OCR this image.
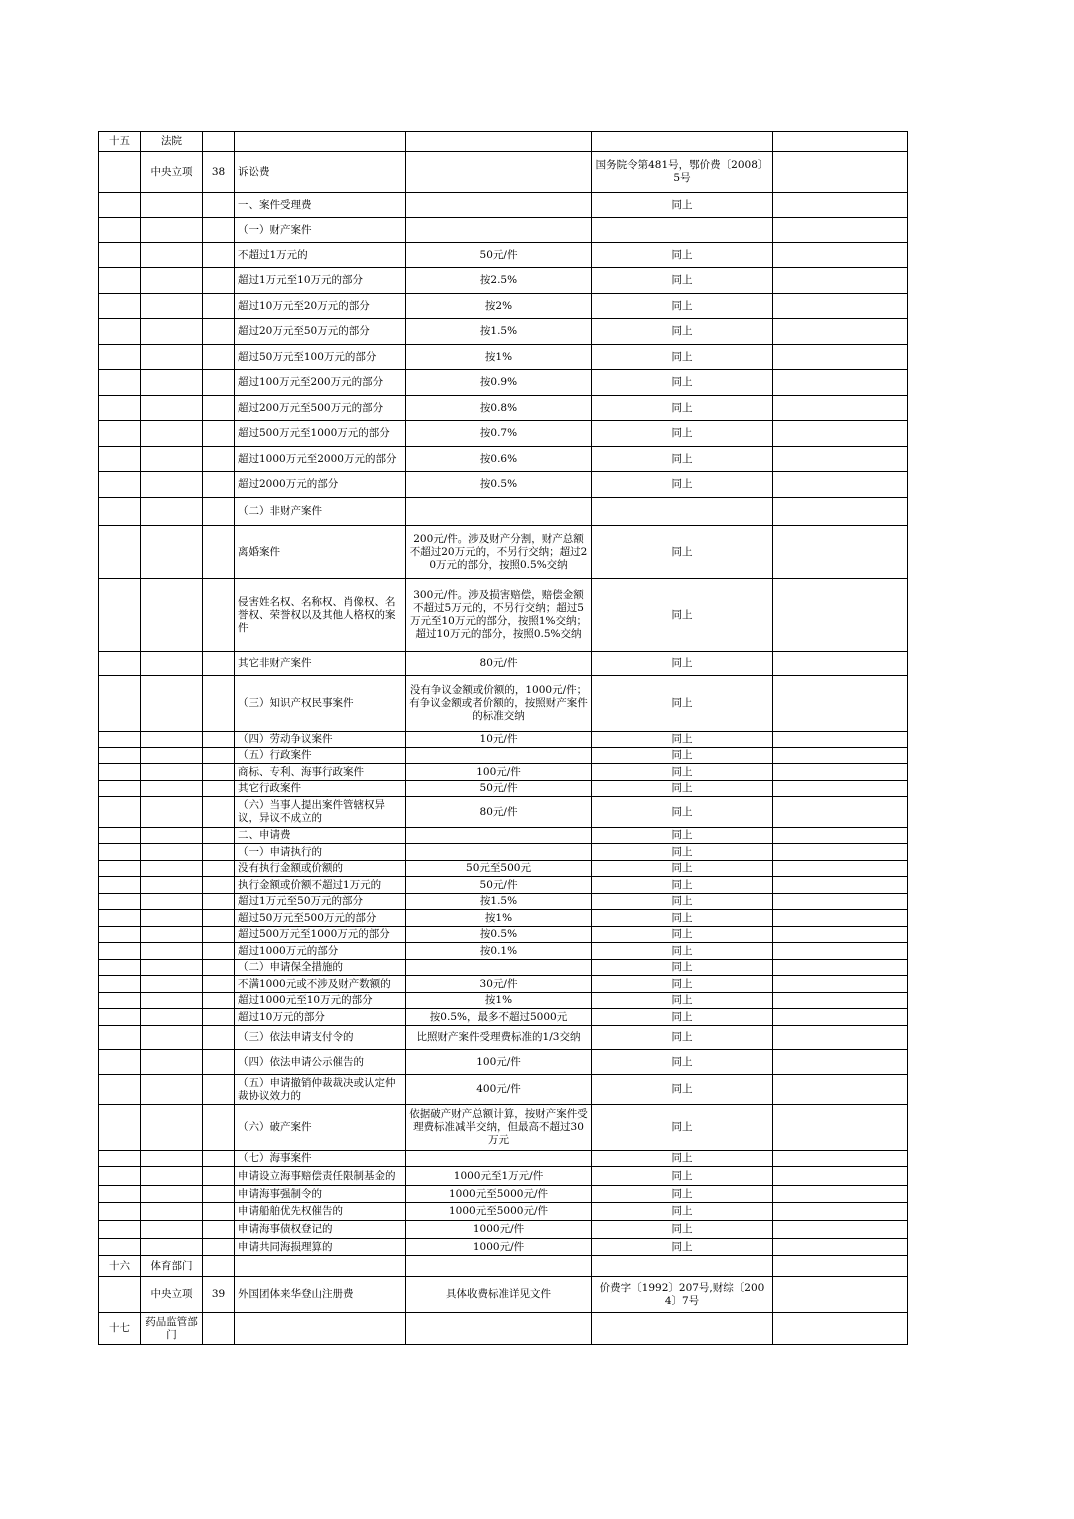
十五	法院					
	中央立项	38	诉讼费		国务院令第481号，鄂价费〔2008〕5号	
			一、案件受理费		同上	
			（一）财产案件			
			不超过1万元的	50元/件	同上	
			超过1万元至10万元的部分	按2.5%	同上	
			超过10万元至20万元的部分	按2%	同上	
			超过20万元至50万元的部分	按1.5%	同上	
			超过50万元至100万元的部分	按1%	同上	
			超过100万元至200万元的部分	按0.9%	同上	
			超过200万元至500万元的部分	按0.8%	同上	
			超过500万元至1000万元的部分	按0.7%	同上	
			超过1000万元至2000万元的部分	按0.6%	同上	
			超过2000万元的部分	按0.5%	同上	
			（二）非财产案件			
			离婚案件	200元/件。涉及财产分割，财产总额不超过20万元的，不另行交纳；超过20万元的部分，按照0.5%交纳	同上	
			侵害姓名权、名称权、肖像权、名誉权、荣誉权以及其他人格权的案件	300元/件。涉及损害赔偿，赔偿金额不超过5万元的，不另行交纳；超过5万元至10万元的部分，按照1%交纳；超过10万元的部分，按照0.5%交纳	同上	
			其它非财产案件	80元/件	同上	
			（三）知识产权民事案件	没有争议金额或价额的，1000元/件；有争议金额或者价额的，按照财产案件的标准交纳	同上	
			（四）劳动争议案件	10元/件	同上	
			（五）行政案件		同上	
			商标、专利、海事行政案件	100元/件	同上	
			其它行政案件	50元/件	同上	
			（六）当事人提出案件管辖权异议，异议不成立的	80元/件	同上	
			二、申请费		同上	
			（一）申请执行的		同上	
			没有执行金额或价额的	50元至500元	同上	
			执行金额或价额不超过1万元的	50元/件	同上	
			超过1万元至50万元的部分	按1.5%	同上	
			超过50万元至500万元的部分	按1%	同上	
			超过500万元至1000万元的部分	按0.5%	同上	
			超过1000万元的部分	按0.1%	同上	
			（二）申请保全措施的		同上	
			不满1000元或不涉及财产数额的	30元/件	同上	
			超过1000元至10万元的部分	按1%	同上	
			超过10万元的部分	按0.5%，最多不超过5000元	同上	
			（三）依法申请支付令的	比照财产案件受理费标准的1/3交纳	同上	
			（四）依法申请公示催告的	100元/件	同上	
			（五）申请撤销仲裁裁决或认定仲裁协议效力的	400元/件	同上	
			（六）破产案件	依据破产财产总额计算，按财产案件受理费标准减半交纳，但最高不超过30万元	同上	
			（七）海事案件		同上	
			申请设立海事赔偿责任限制基金的	1000元至1万元/件	同上	
			申请海事强制令的	1000元至5000元/件	同上	
			申请船舶优先权催告的	1000元至5000元/件	同上	
			申请海事债权登记的	1000元/件	同上	
			申请共同海损理算的	1000元/件	同上	
十六	体育部门					
	中央立项	39	外国团体来华登山注册费	具体收费标准详见文件	价费字〔1992〕207号,财综〔2004〕7号	
十七	药品监管部门					
